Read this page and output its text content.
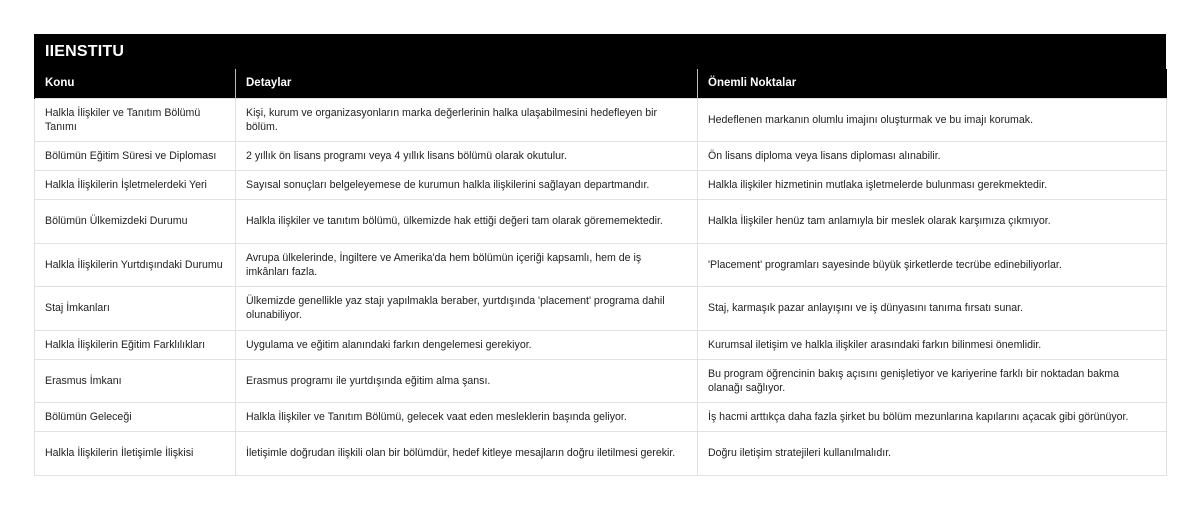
IIENSTITU
Konu	Detaylar	Önemli Noktalar
Halkla İlişkiler ve Tanıtım Bölümü Tanımı	Kişi, kurum ve organizasyonların marka değerlerinin halka ulaşabilmesini hedefleyen bir bölüm.	Hedeflenen markanın olumlu imajını oluşturmak ve bu imajı korumak.
Bölümün Eğitim Süresi ve Diploması	2 yıllık ön lisans programı veya 4 yıllık lisans bölümü olarak okutulur.	Ön lisans diploma veya lisans diploması alınabilir.
Halkla İlişkilerin İşletmelerdeki Yeri	Sayısal sonuçları belgeleyemese de kurumun halkla ilişkilerini sağlayan departmandır.	Halkla ilişkiler hizmetinin mutlaka işletmelerde bulunması gerekmektedir.
Bölümün Ülkemizdeki Durumu	Halkla ilişkiler ve tanıtım bölümü, ülkemizde hak ettiği değeri tam olarak görememektedir.	Halkla İlişkiler henüz tam anlamıyla bir meslek olarak karşımıza çıkmıyor.
Halkla İlişkilerin Yurtdışındaki Durumu	Avrupa ülkelerinde, İngiltere ve Amerika'da hem bölümün içeriği kapsamlı, hem de iş imkânları fazla.	'Placement' programları sayesinde büyük şirketlerde tecrübe edinebiliyorlar.
Staj İmkanları	Ülkemizde genellikle yaz stajı yapılmakla beraber, yurtdışında 'placement' programa dahil olunabiliyor.	Staj, karmaşık pazar anlayışını ve iş dünyasını tanıma fırsatı sunar.
Halkla İlişkilerin Eğitim Farklılıkları	Uygulama ve eğitim alanındaki farkın dengelemesi gerekiyor.	Kurumsal iletişim ve halkla ilişkiler arasındaki farkın bilinmesi önemlidir.
Erasmus İmkanı	Erasmus programı ile yurtdışında eğitim alma şansı.	Bu program öğrencinin bakış açısını genişletiyor ve kariyerine farklı bir noktadan bakma olanağı sağlıyor.
Bölümün Geleceği	Halkla İlişkiler ve Tanıtım Bölümü, gelecek vaat eden mesleklerin başında geliyor.	İş hacmi arttıkça daha fazla şirket bu bölüm mezunlarına kapılarını açacak gibi görünüyor.
Halkla İlişkilerin İletişimle İlişkisi	İletişimle doğrudan ilişkili olan bir bölümdür, hedef kitleye mesajların doğru iletilmesi gerekir.	Doğru iletişim stratejileri kullanılmalıdır.
